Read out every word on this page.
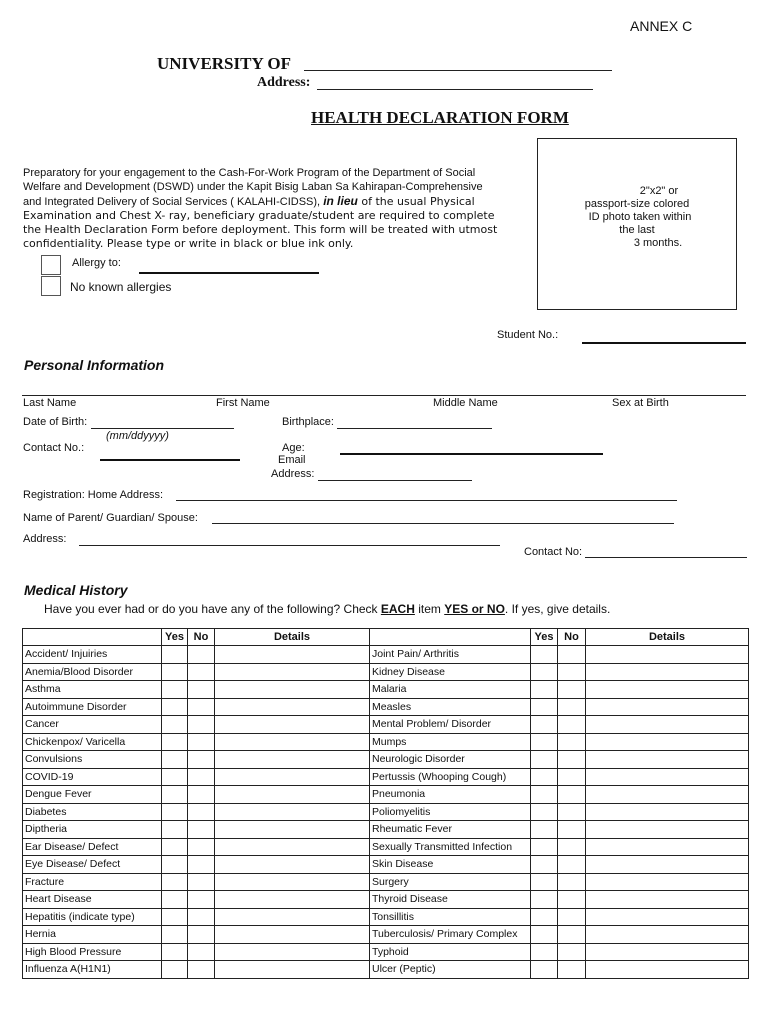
ANNEX C
UNIVERSITY OF
Address:
HEALTH DECLARATION FORM
Preparatory for your engagement to the Cash-For-Work Program of the Department of Social
Welfare and Development (DSWD) under the Kapit Bisig Laban Sa Kahirapan-Comprehensive
and Integrated Delivery of Social Services ( KALAHI-CIDSS), in lieu of the usual Physical
Examination and Chest X- ray, beneficiary graduate/student are required to complete
the Health Declaration Form before deployment. This form will be treated with utmost
confidentiality. Please type or write in black or blue ink only.
2"x2" or
passport-size colored
ID photo taken within
the last
3 months.
Allergy to:
No known allergies
Student No.:
Personal Information
Last Name	First Name	Middle Name	Sex at Birth
Date of Birth:
(mm/ddyyyy)
Birthplace:
Contact No.:	Age:
Email
Address:
Registration: Home Address:
Name of Parent/ Guardian/ Spouse:
Address:
Contact No:
Medical History
Have you ever had or do you have any of the following? Check EACH item YES or NO. If yes, give details.
	Yes	No	Details		Yes	No	Details
Accident/ Injuiries				Joint Pain/ Arthritis			
Anemia/Blood Disorder				Kidney Disease			
Asthma				Malaria			
Autoimmune Disorder				Measles			
Cancer				Mental Problem/ Disorder			
Chickenpox/ Varicella				Mumps			
Convulsions				Neurologic Disorder			
COVID-19				Pertussis (Whooping Cough)			
Dengue Fever				Pneumonia			
Diabetes				Poliomyelitis			
Diptheria				Rheumatic Fever			
Ear Disease/ Defect				Sexually Transmitted Infection			
Eye Disease/ Defect				Skin Disease			
Fracture				Surgery			
Heart Disease				Thyroid Disease			
Hepatitis (indicate type)				Tonsillitis			
Hernia				Tuberculosis/ Primary Complex			
High Blood Pressure				Typhoid			
Influenza A(H1N1)				Ulcer (Peptic)			
